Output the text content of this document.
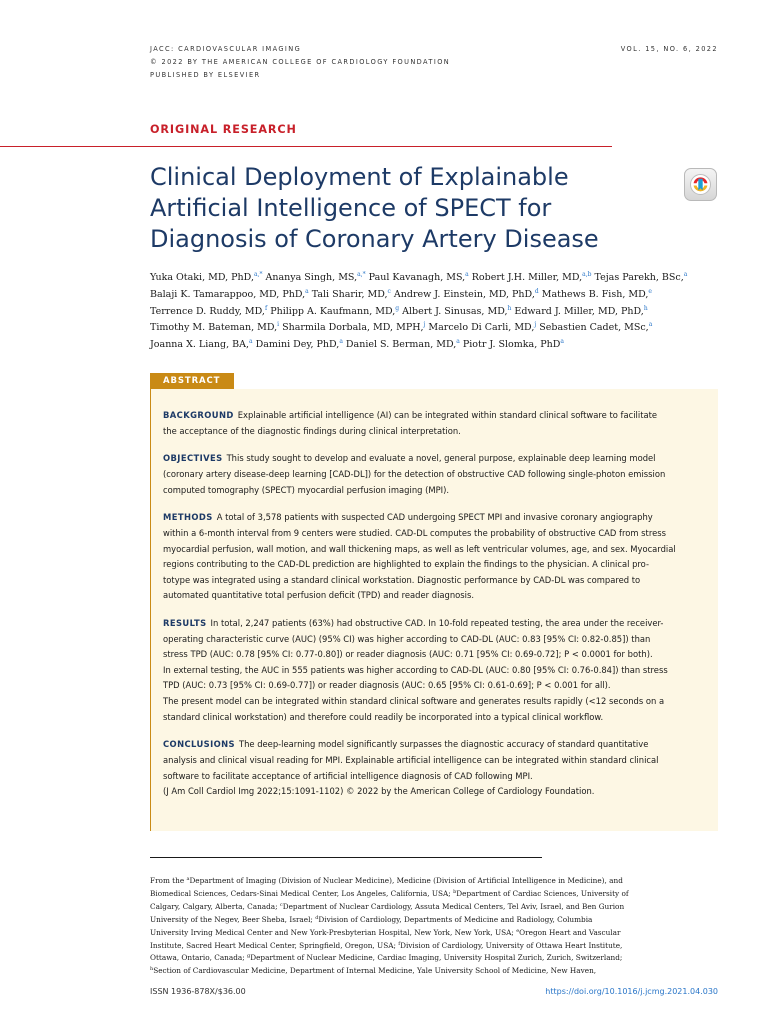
JACC: CARDIOVASCULAR IMAGING
© 2022 BY THE AMERICAN COLLEGE OF CARDIOLOGY FOUNDATION
PUBLISHED BY ELSEVIER
VOL. 15, NO. 6, 2022
ORIGINAL RESEARCH
Clinical Deployment of Explainable
Artificial Intelligence of SPECT for
Diagnosis of Coronary Artery Disease
Yuka Otaki, MD, PhD,$^{a,*}$ Ananya Singh, MS,$^{a,*}$ Paul Kavanagh, MS,$^a$ Robert J.H. Miller, MD,$^{a,b}$ Tejas Parekh, BSc,$^a$
Balaji K. Tamarappoo, MD, PhD,$^a$ Tali Sharir, MD,$^c$ Andrew J. Einstein, MD, PhD,$^d$ Mathews B. Fish, MD,$^e$
Terrence D. Ruddy, MD,$^f$ Philipp A. Kaufmann, MD,$^g$ Albert J. Sinusas, MD,$^h$ Edward J. Miller, MD, PhD,$^h$
Timothy M. Bateman, MD,$^i$ Sharmila Dorbala, MD, MPH,$^j$ Marcelo Di Carli, MD,$^j$ Sebastien Cadet, MSc,$^a$
Joanna X. Liang, BA,$^a$ Damini Dey, PhD,$^a$ Daniel S. Berman, MD,$^a$ Piotr J. Slomka, PhD$^a$
ABSTRACT
BACKGROUND Explainable artificial intelligence (AI) can be integrated within standard clinical software to facilitate
the acceptance of the diagnostic findings during clinical interpretation.
OBJECTIVES This study sought to develop and evaluate a novel, general purpose, explainable deep learning model
(coronary artery disease-deep learning [CAD-DL]) for the detection of obstructive CAD following single-photon emission
computed tomography (SPECT) myocardial perfusion imaging (MPI).
METHODS A total of 3,578 patients with suspected CAD undergoing SPECT MPI and invasive coronary angiography
within a 6-month interval from 9 centers were studied. CAD-DL computes the probability of obstructive CAD from stress
myocardial perfusion, wall motion, and wall thickening maps, as well as left ventricular volumes, age, and sex. Myocardial
regions contributing to the CAD-DL prediction are highlighted to explain the findings to the physician. A clinical pro-
totype was integrated using a standard clinical workstation. Diagnostic performance by CAD-DL was compared to
automated quantitative total perfusion deficit (TPD) and reader diagnosis.
RESULTS In total, 2,247 patients (63%) had obstructive CAD. In 10-fold repeated testing, the area under the receiver-
operating characteristic curve (AUC) (95% CI) was higher according to CAD-DL (AUC: 0.83 [95% CI: 0.82-0.85]) than
stress TPD (AUC: 0.78 [95% CI: 0.77-0.80]) or reader diagnosis (AUC: 0.71 [95% CI: 0.69-0.72]; P < 0.0001 for both).
In external testing, the AUC in 555 patients was higher according to CAD-DL (AUC: 0.80 [95% CI: 0.76-0.84]) than stress
TPD (AUC: 0.73 [95% CI: 0.69-0.77]) or reader diagnosis (AUC: 0.65 [95% CI: 0.61-0.69]; P < 0.001 for all).
The present model can be integrated within standard clinical software and generates results rapidly (<12 seconds on a
standard clinical workstation) and therefore could readily be incorporated into a typical clinical workflow.
CONCLUSIONS The deep-learning model significantly surpasses the diagnostic accuracy of standard quantitative
analysis and clinical visual reading for MPI. Explainable artificial intelligence can be integrated within standard clinical
software to facilitate acceptance of artificial intelligence diagnosis of CAD following MPI.
(J Am Coll Cardiol Img 2022;15:1091-1102) © 2022 by the American College of Cardiology Foundation.
From the $^a$Department of Imaging (Division of Nuclear Medicine), Medicine (Division of Artificial Intelligence in Medicine), and
Biomedical Sciences, Cedars-Sinai Medical Center, Los Angeles, California, USA; $^b$Department of Cardiac Sciences, University of
Calgary, Calgary, Alberta, Canada; $^c$Department of Nuclear Cardiology, Assuta Medical Centers, Tel Aviv, Israel, and Ben Gurion
University of the Negev, Beer Sheba, Israel; $^d$Division of Cardiology, Departments of Medicine and Radiology, Columbia
University Irving Medical Center and New York-Presbyterian Hospital, New York, New York, USA; $^e$Oregon Heart and Vascular
Institute, Sacred Heart Medical Center, Springfield, Oregon, USA; $^f$Division of Cardiology, University of Ottawa Heart Institute,
Ottawa, Ontario, Canada; $^g$Department of Nuclear Medicine, Cardiac Imaging, University Hospital Zurich, Zurich, Switzerland;
$^h$Section of Cardiovascular Medicine, Department of Internal Medicine, Yale University School of Medicine, New Haven,
ISSN 1936-878X/$36.00	https://doi.org/10.1016/j.jcmg.2021.04.030
